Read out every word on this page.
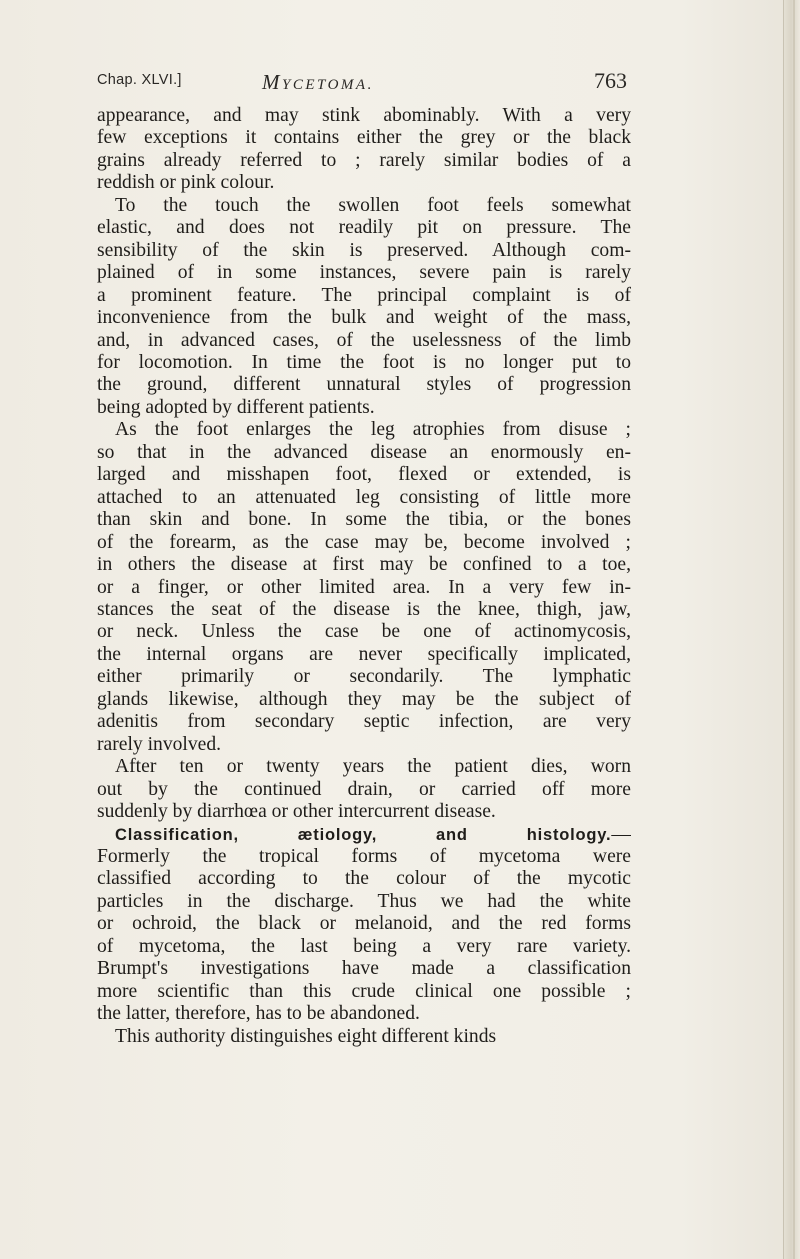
Chap. XLVI.]	MYCETOMA.	763
appearance, and may stink abominably. With a very
few exceptions it contains either the grey or the black
grains already referred to ; rarely similar bodies of a
reddish or pink colour.
To the touch the swollen foot feels somewhat
elastic, and does not readily pit on pressure. The
sensibility of the skin is preserved. Although com-
plained of in some instances, severe pain is rarely
a prominent feature. The principal complaint is of
inconvenience from the bulk and weight of the mass,
and, in advanced cases, of the uselessness of the limb
for locomotion. In time the foot is no longer put to
the ground, different unnatural styles of progression
being adopted by different patients.
As the foot enlarges the leg atrophies from disuse ;
so that in the advanced disease an enormously en-
larged and misshapen foot, flexed or extended, is
attached to an attenuated leg consisting of little more
than skin and bone. In some the tibia, or the bones
of the forearm, as the case may be, become involved ;
in others the disease at first may be confined to a toe,
or a finger, or other limited area. In a very few in-
stances the seat of the disease is the knee, thigh, jaw,
or neck. Unless the case be one of actinomycosis,
the internal organs are never specifically implicated,
either primarily or secondarily. The lymphatic
glands likewise, although they may be the subject of
adenitis from secondary septic infection, are very
rarely involved.
After ten or twenty years the patient dies, worn
out by the continued drain, or carried off more
suddenly by diarrhœa or other intercurrent disease.
Classification, ætiology, and histology.—
Formerly the tropical forms of mycetoma were
classified according to the colour of the mycotic
particles in the discharge. Thus we had the white
or ochroid, the black or melanoid, and the red forms
of mycetoma, the last being a very rare variety.
Brumpt's investigations have made a classification
more scientific than this crude clinical one possible ;
the latter, therefore, has to be abandoned.
This authority distinguishes eight different kinds
